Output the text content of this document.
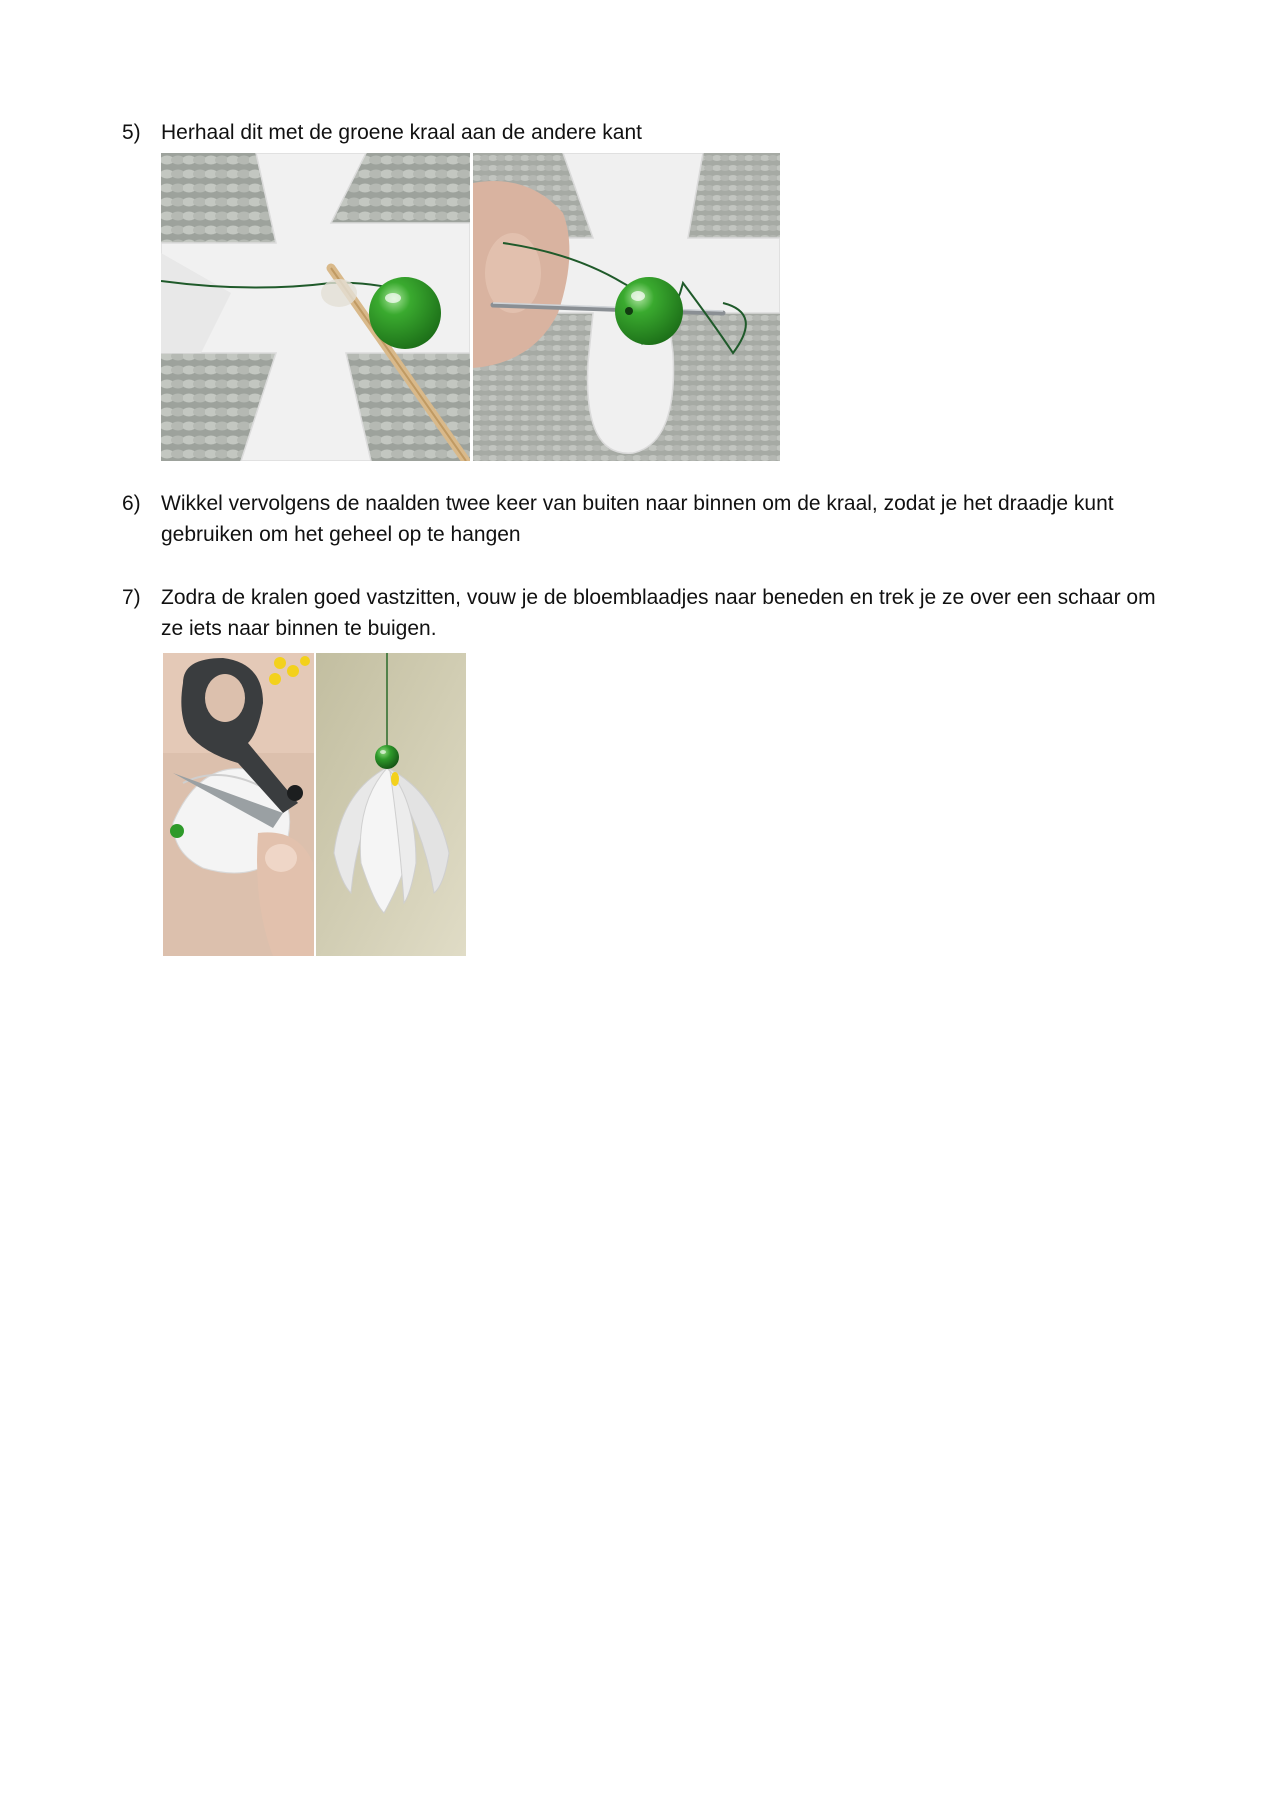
5) Herhaal dit met de groene kraal aan de andere kant
6) Wikkel vervolgens de naalden twee keer van buiten naar binnen om de kraal, zodat je het draadje kunt gebruiken om het geheel op te hangen
7) Zodra de kralen goed vastzitten, vouw je de bloemblaadjes naar beneden en trek je ze over een schaar om ze iets naar binnen te buigen.
